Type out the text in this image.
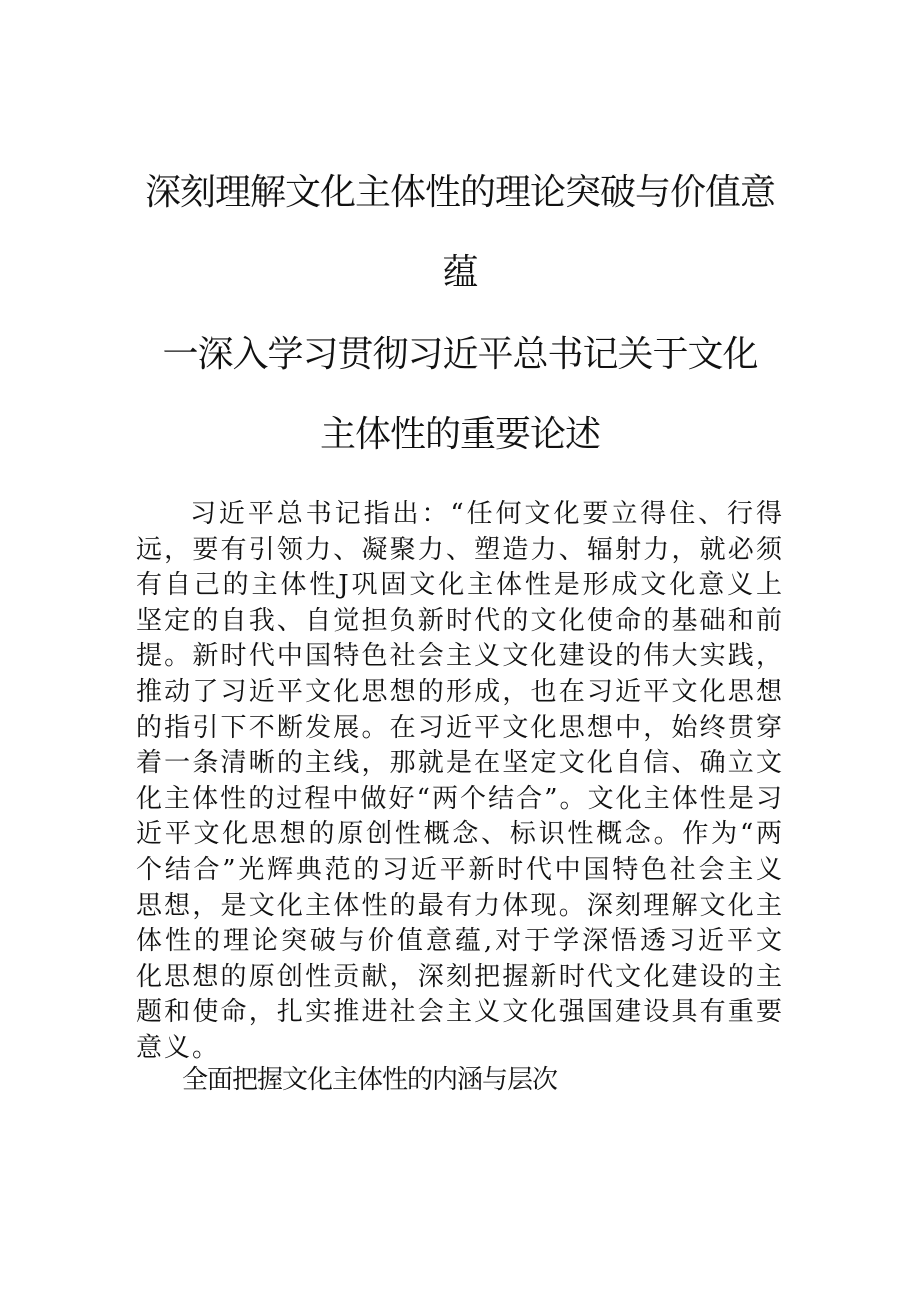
深刻理解文化主体性的理论突破与价值意
蕴
一深入学习贯彻习近平总书记关于文化
主体性的重要论述

习近平总书记指出：“任何文化要立得住、行得远，要有引领力、凝聚力、塑造力、辐射力，就必须有自己的主体性J巩固文化主体性是形成文化意义上坚定的自我、自觉担负新时代的文化使命的基础和前提。新时代中国特色社会主义文化建设的伟大实践，推动了习近平文化思想的形成，也在习近平文化思想的指引下不断发展。在习近平文化思想中，始终贯穿着一条清晰的主线，那就是在坚定文化自信、确立文化主体性的过程中做好“两个结合”。文化主体性是习近平文化思想的原创性概念、标识性概念。作为“两个结合”光辉典范的习近平新时代中国特色社会主义思想，是文化主体性的最有力体现。深刻理解文化主体性的理论突破与价值意蕴,对于学深悟透习近平文化思想的原创性贡献，深刻把握新时代文化建设的主题和使命，扎实推进社会主义文化强国建设具有重要意义。

全面把握文化主体性的内涵与层次
